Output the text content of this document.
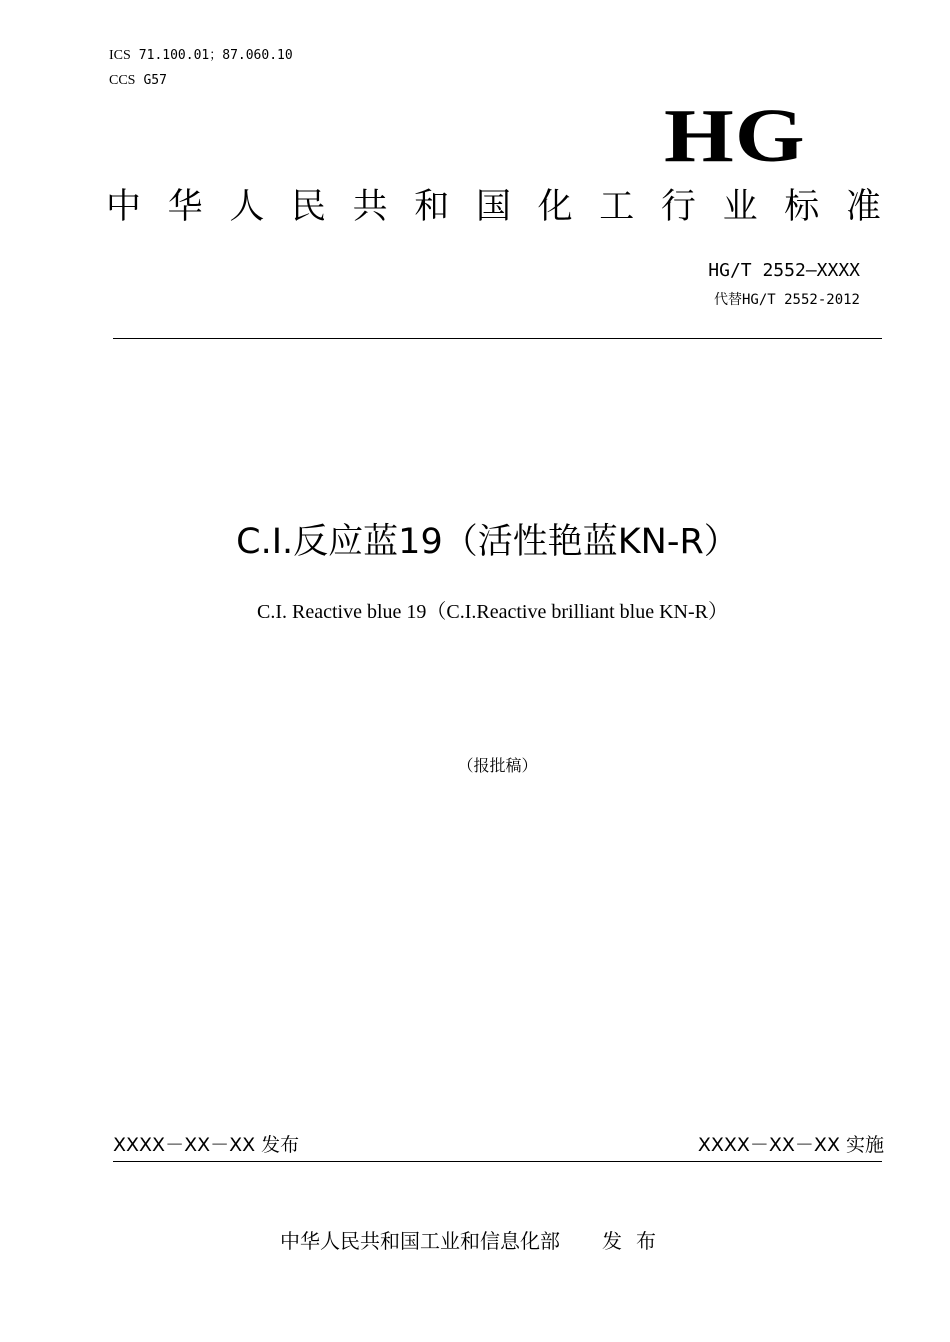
ICS 71.100.01；87.060.10
CCS G57
HG
中 华 人 民 共 和 国 化 工 行 业 标 准
HG/T 2552—XXXX
代替HG/T 2552-2012
C.I.反应蓝19（活性艳蓝KN-R）
C.I. Reactive blue 19（C.I.Reactive brilliant blue KN-R）
（报批稿）
XXXX－XX－XX 发布	XXXX－XX－XX 实施
中华人民共和国工业和信息化部 发布
